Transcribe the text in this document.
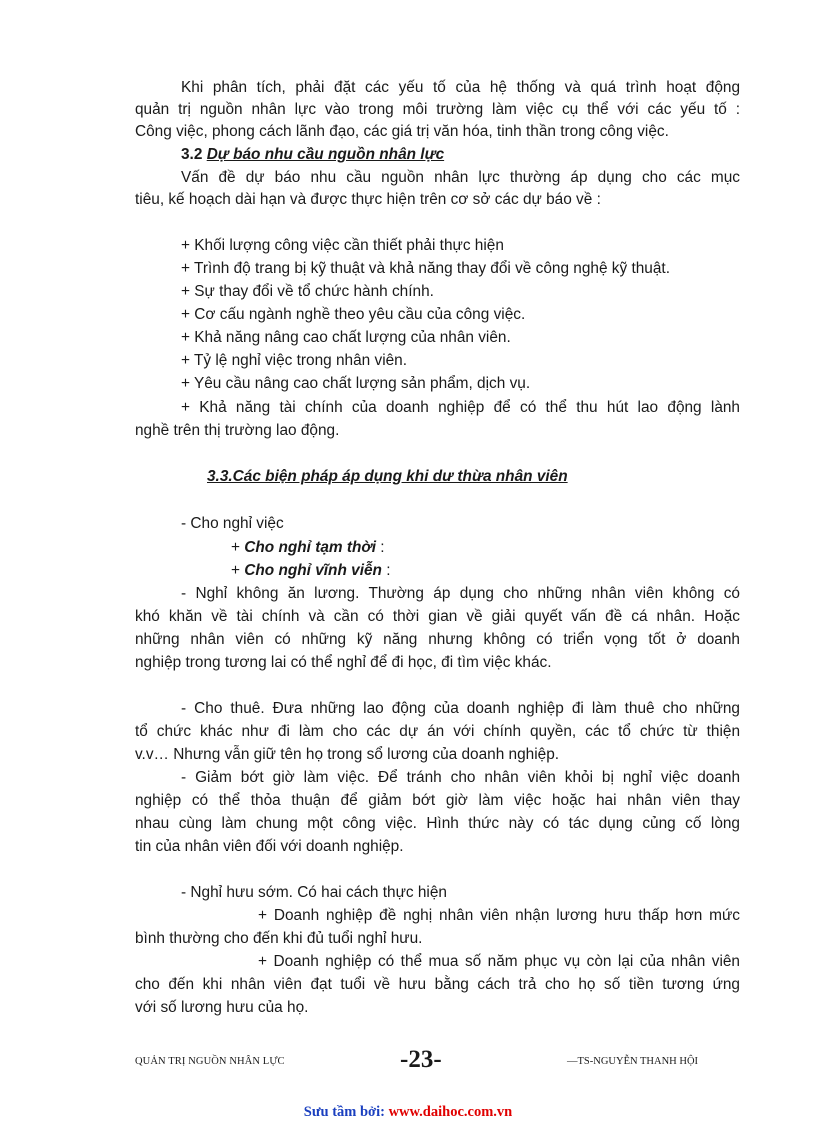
Khi phân tích, phải đặt các yếu tố của hệ thống và quá trình hoạt động
quản trị nguồn nhân lực vào trong môi trường làm việc cụ thể với các yếu tố :
Công việc, phong cách lãnh đạo, các giá trị văn hóa, tinh thần trong công việc.
3.2 Dự báo nhu cầu nguồn nhân lực
Vấn đề dự báo nhu cầu nguồn nhân lực thường áp dụng cho các mục
tiêu, kế hoạch dài hạn và được thực hiện trên cơ sở các dự báo về :
+ Khối lượng công việc cần thiết phải thực hiện
+ Trình độ trang bị kỹ thuật và khả năng thay đổi về công nghệ kỹ thuật.
+ Sự thay đổi về tổ chức hành chính.
+ Cơ cấu ngành nghề theo yêu cầu của công việc.
+ Khả năng nâng cao chất lượng của nhân viên.
+ Tỷ lệ nghỉ việc trong nhân viên.
+ Yêu cầu nâng cao chất lượng sản phẩm, dịch vụ.
+ Khả năng tài chính của doanh nghiệp để có thể thu hút lao động lành
nghề trên thị trường lao động.
3.3.Các biện pháp áp dụng khi dư thừa nhân viên
- Cho nghỉ việc
+ Cho nghỉ tạm thời :
+ Cho nghỉ vĩnh viễn :
- Nghỉ không ăn lương. Thường áp dụng cho những nhân viên không có
khó khăn về tài chính và cần có thời gian về giải quyết vấn đề cá nhân. Hoặc
những nhân viên có những kỹ năng nhưng không có triển vọng tốt ở doanh
nghiệp trong tương lai có thể nghỉ để đi học, đi tìm việc khác.
- Cho thuê. Đưa những lao động của doanh nghiệp đi làm thuê cho những
tổ chức khác như đi làm cho các dự án với chính quyền, các tổ chức từ thiện
v.v… Nhưng vẫn giữ tên họ trong sổ lương của doanh nghiệp.
- Giảm bớt giờ làm việc. Để tránh cho nhân viên khỏi bị nghỉ việc doanh
nghiệp có thể thỏa thuận để giảm bớt giờ làm việc hoặc hai nhân viên thay
nhau cùng làm chung một công việc. Hình thức này có tác dụng củng cố lòng
tin của nhân viên đối với doanh nghiệp.
- Nghỉ hưu sớm. Có hai cách thực hiện
+ Doanh nghiệp đề nghị nhân viên nhận lương hưu thấp hơn mức
bình thường cho đến khi đủ tuổi nghỉ hưu.
+ Doanh nghiệp có thể mua số năm phục vụ còn lại của nhân viên
cho đến khi nhân viên đạt tuổi về hưu bằng cách trả cho họ số tiền tương ứng
với số lương hưu của họ.
QUẢN TRỊ NGUỒN NHÂN LỰC	-23-	—TS-NGUYỄN THANH HỘI
Sưu tầm bởi: www.daihoc.com.vn
